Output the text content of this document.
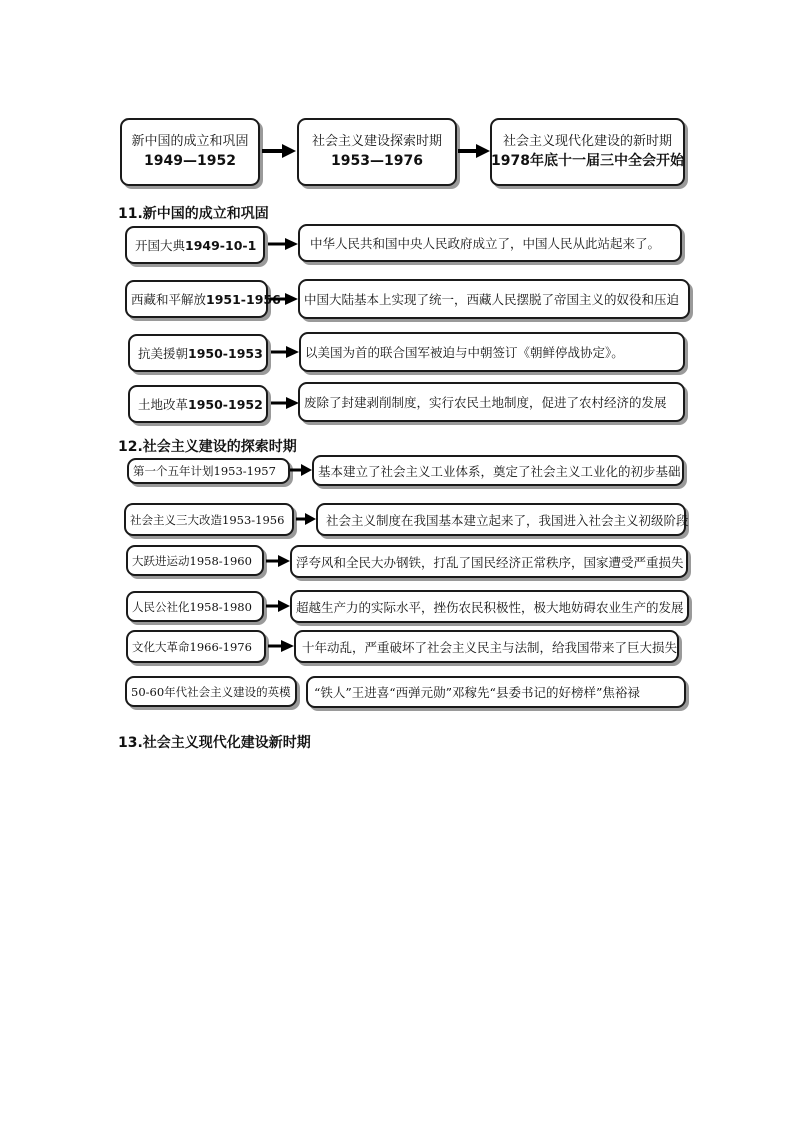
新中国的成立和巩固
1949—1952
社会主义建设探索时期
1953—1976
社会主义现代化建设的新时期
1978年底十一届三中全会开始
11.新中国的成立和巩固
开国大典 1949-10-1	中华人民共和国中央人民政府成立了，中国人民从此站起来了。
西藏和平解放 1951-1956 中国大陆基本上实现了统一，西藏人民摆脱了帝国主义的奴役和压迫
抗美援朝 1950-1953	以美国为首的联合国军被迫与中朝签订《朝鲜停战协定》。
土地改革 1950-1952	废除了封建剥削制度，实行农民土地制度，促进了农村经济的发展
12.社会主义建设的探索时期
第一个五年计划1953-1957	基本建立了社会主义工业体系，奠定了社会主义工业化的初步基础
社会主义三大改造1953-1956	社会主义制度在我国基本建立起来了，我国进入社会主义初级阶段
大跃进运动1958-1960	浮夸风和全民大办钢铁，打乱了国民经济正常秩序，国家遭受严重损失
人民公社化1958-1980	超越生产力的实际水平，挫伤农民积极性，极大地妨碍农业生产的发展
文化大革命1966-1976	十年动乱，严重破坏了社会主义民主与法制，给我国带来了巨大损失
50-60年代社会主义建设的英模 “铁人”王进喜“西弹元勋”邓稼先“县委书记的好榜样”焦裕禄
13.社会主义现代化建设新时期
